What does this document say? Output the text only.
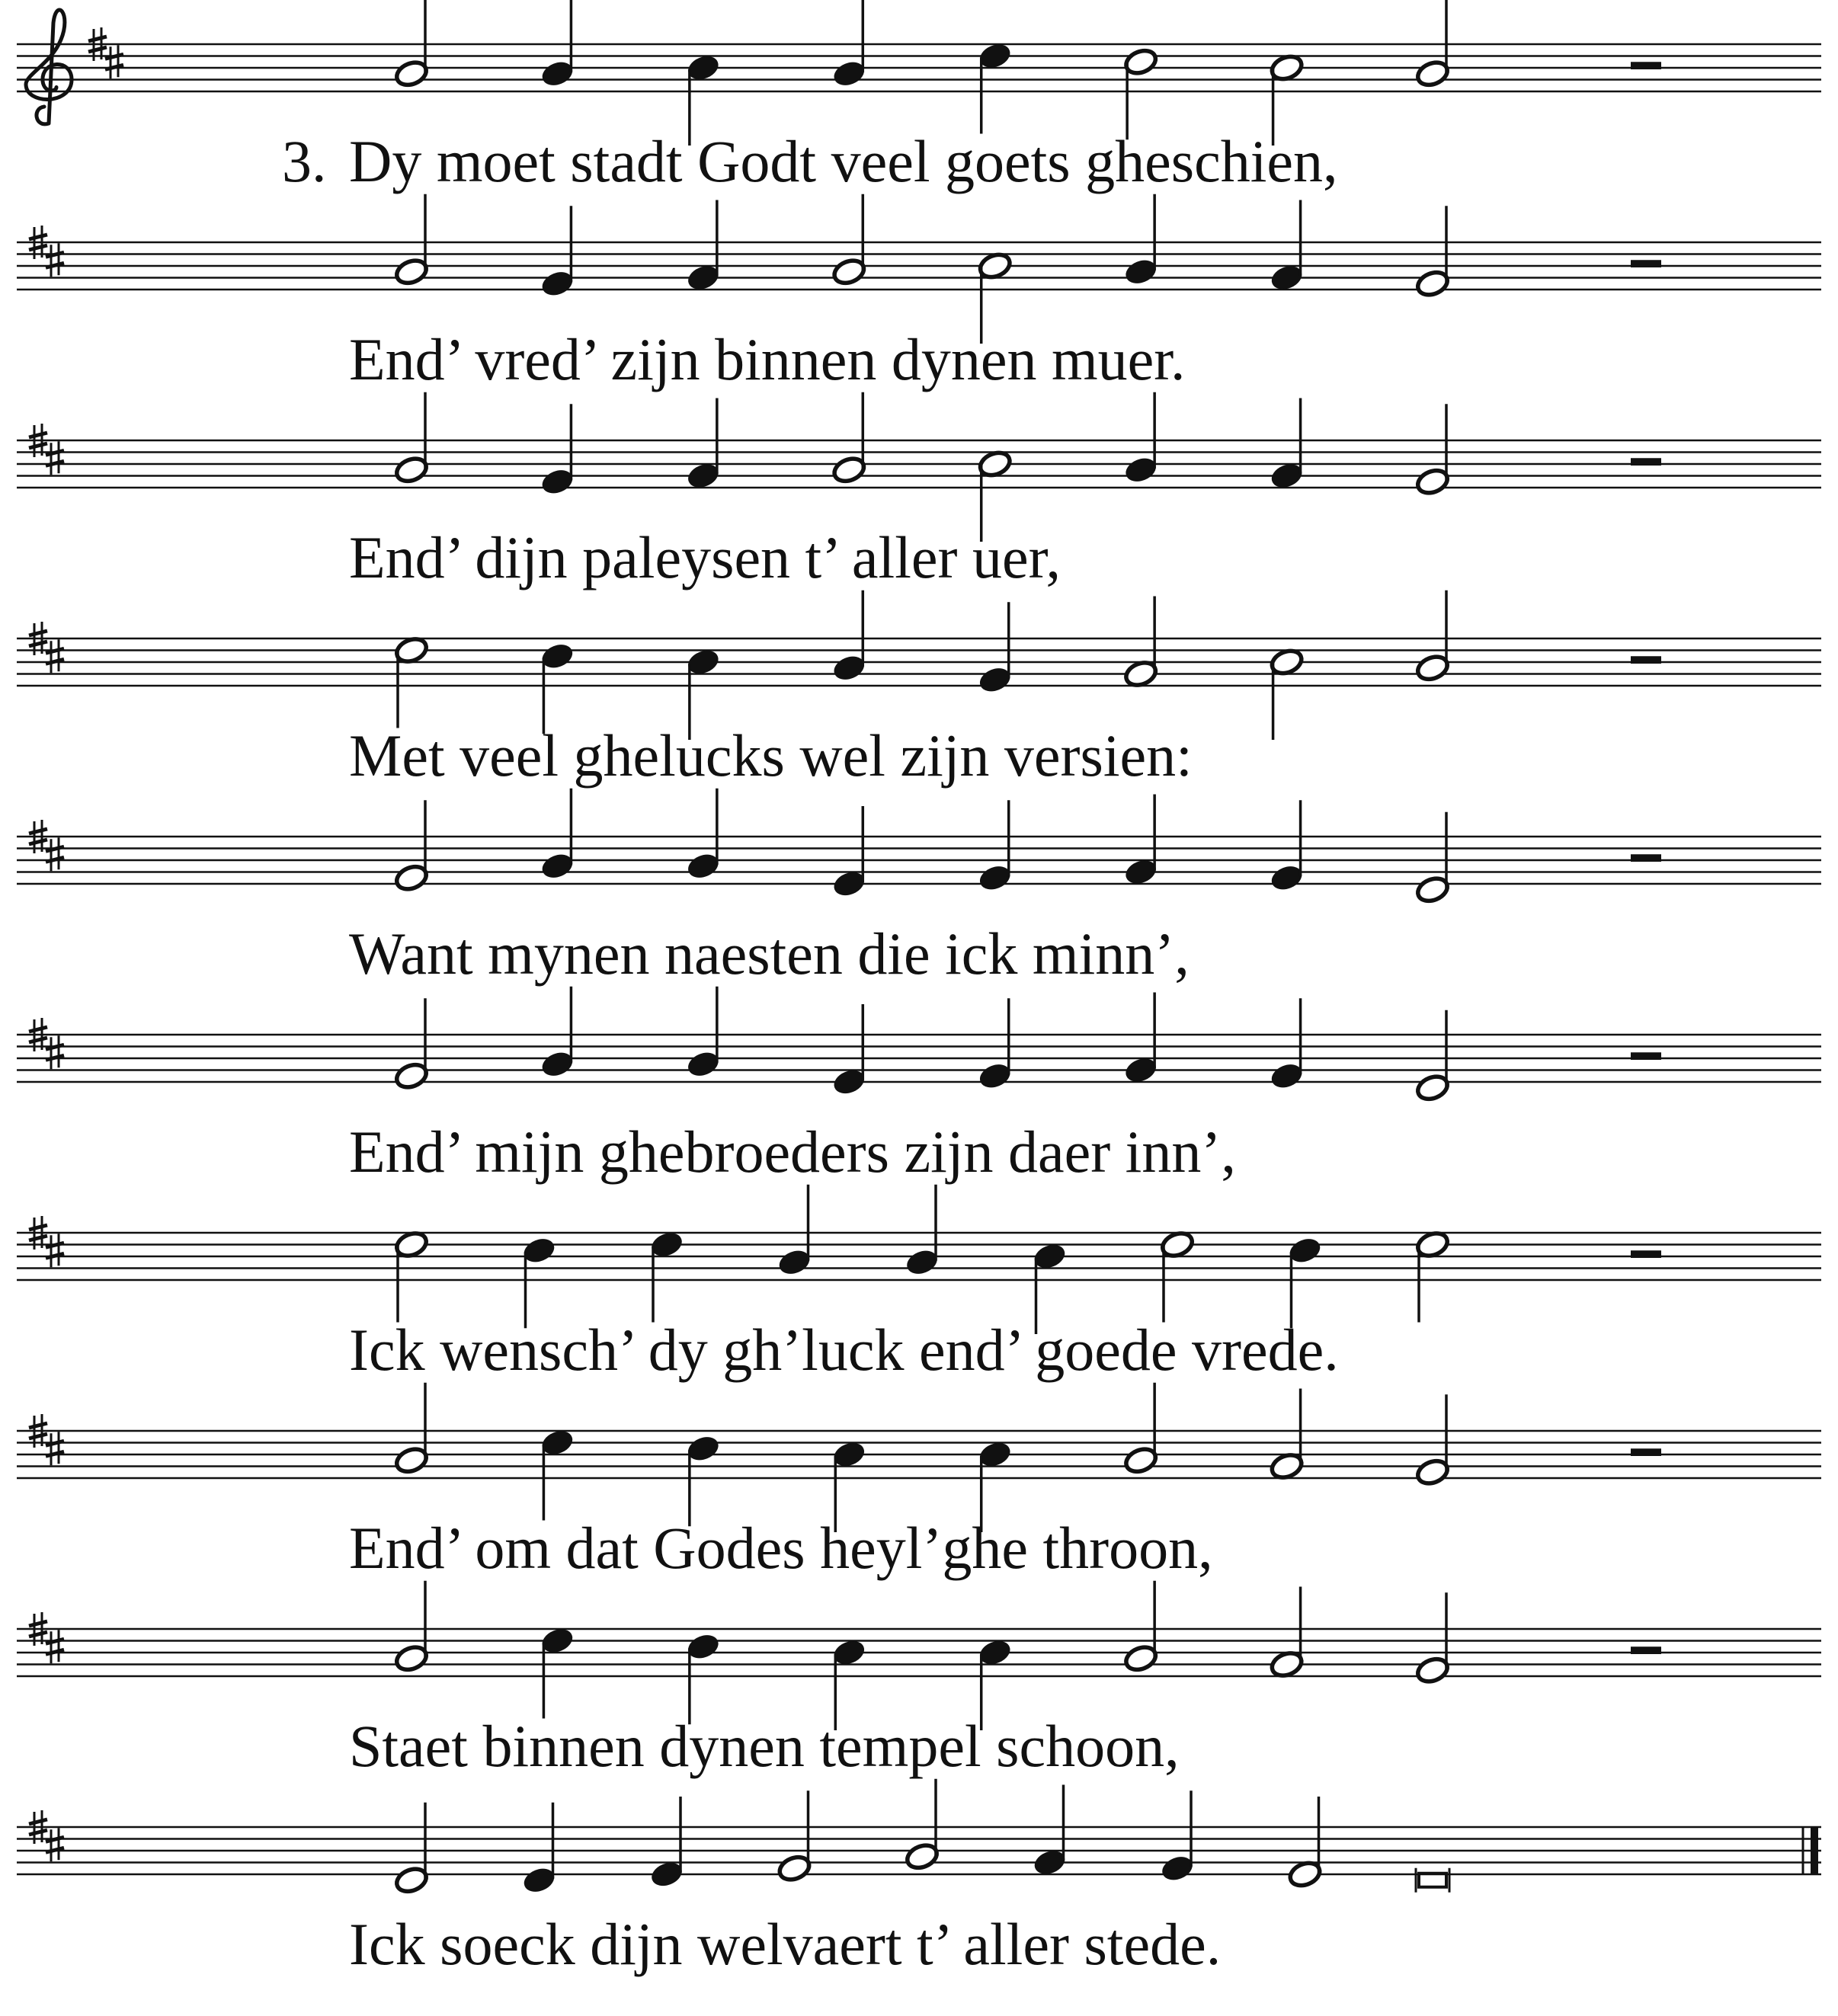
3. Dy moet stadt Godt veel goets gheschien,
End’ vred’ zijn binnen dynen muer.
End’ dijn paleysen t’ aller uer,
Met veel ghelucks wel zijn versien:
Want mynen naesten die ick minn’,
End’ mijn ghebroeders zijn daer inn’,
Ick wensch’ dy gh’luck end’ goede vrede.
End’ om dat Godes heyl’ghe throon,
Staet binnen dynen tempel schoon,
Ick soeck dijn welvaert t’ aller stede.
